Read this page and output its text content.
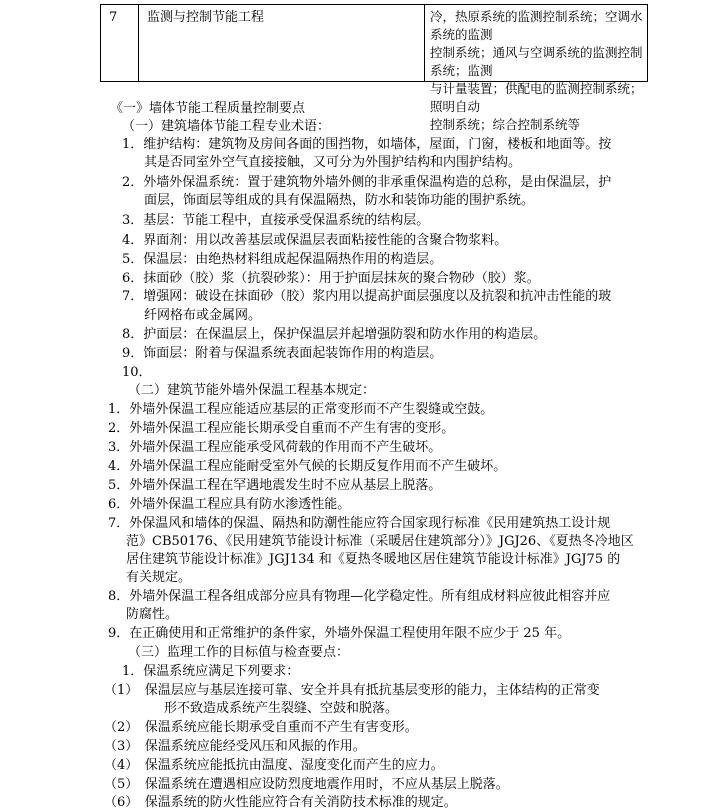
7	监测与控制节能工程	冷，热原系统的监测控制系统；空调水系统的监测
控制系统；通风与空调系统的监测控制系统；监测
与计量装置；供配电的监测控制系统；照明自动
控制系统；综合控制系统等
《一》墙体节能工程质量控制要点
（一）建筑墙体节能工程专业术语：
1．维护结构：建筑物及房间各面的围挡物，如墙体，屋面，门窗，楼板和地面等。按
其是否同室外空气直接接触，又可分为外围护结构和内围护结构。
2．外墙外保温系统：置于建筑物外墙外侧的非承重保温构造的总称，是由保温层，护
面层，饰面层等组成的具有保温隔热，防水和装饰功能的围护系统。
3．基层：节能工程中，直接承受保温系统的结构层。
4．界面剂：用以改善基层或保温层表面粘接性能的含聚合物浆料。
5．保温层：由绝热材料组成起保温隔热作用的构造层。
6．抹面砂（胶）浆（抗裂砂浆）：用于护面层抹灰的聚合物砂（胶）浆。
7．增强网：破设在抹面砂（胶）浆内用以提高护面层强度以及抗裂和抗冲击性能的玻
纤网格布或金属网。
8．护面层：在保温层上，保护保温层并起增强防裂和防水作用的构造层。
9．饰面层：附着与保温系统表面起装饰作用的构造层。
10．
（二）建筑节能外墙外保温工程基本规定：
1．外墙外保温工程应能适应基层的正常变形而不产生裂缝或空鼓。
2．外墙外保温工程应能长期承受自重而不产生有害的变形。
3．外墙外保温工程应能承受风荷载的作用而不产生破坏。
4．外墙外保温工程应能耐受室外气候的长期反复作用而不产生破坏。
5．外墙外保温工程在罕遇地震发生时不应从基层上脱落。
6．外墙外保温工程应具有防水渗透性能。
7．外保温风和墙体的保温、隔热和防潮性能应符合国家现行标准《民用建筑热工设计规
范》CB50176、《民用建筑节能设计标准（采暖居住建筑部分）》JGJ26、《夏热冬冷地区
居住建筑节能设计标准》JGJ134 和《夏热冬暖地区居住建筑节能设计标准》JGJ75 的
有关规定。
8．外墙外保温工程各组成部分应具有物理—化学稳定性。所有组成材料应彼此相容并应
防腐性。
9．在正确使用和正常维护的条件家，外墙外保温工程使用年限不应少于 25 年。
（三）监理工作的目标值与检查要点：
1．保温系统应满足下列要求：
（1）　保温层应与基层连接可靠、安全并具有抵抗基层变形的能力，主体结构的正常变
形不致造成系统产生裂缝、空鼓和脱落。
（2）　保温系统应能长期承受自重而不产生有害变形。
（3）　保温系统应能经受风压和风振的作用。
（4）　保温系统应能抵抗由温度、湿度变化而产生的应力。
（5）　保温系统在遭遇相应设防烈度地震作用时，不应从基层上脱落。
（6）　保温系统的防火性能应符合有关消防技术标准的规定。
